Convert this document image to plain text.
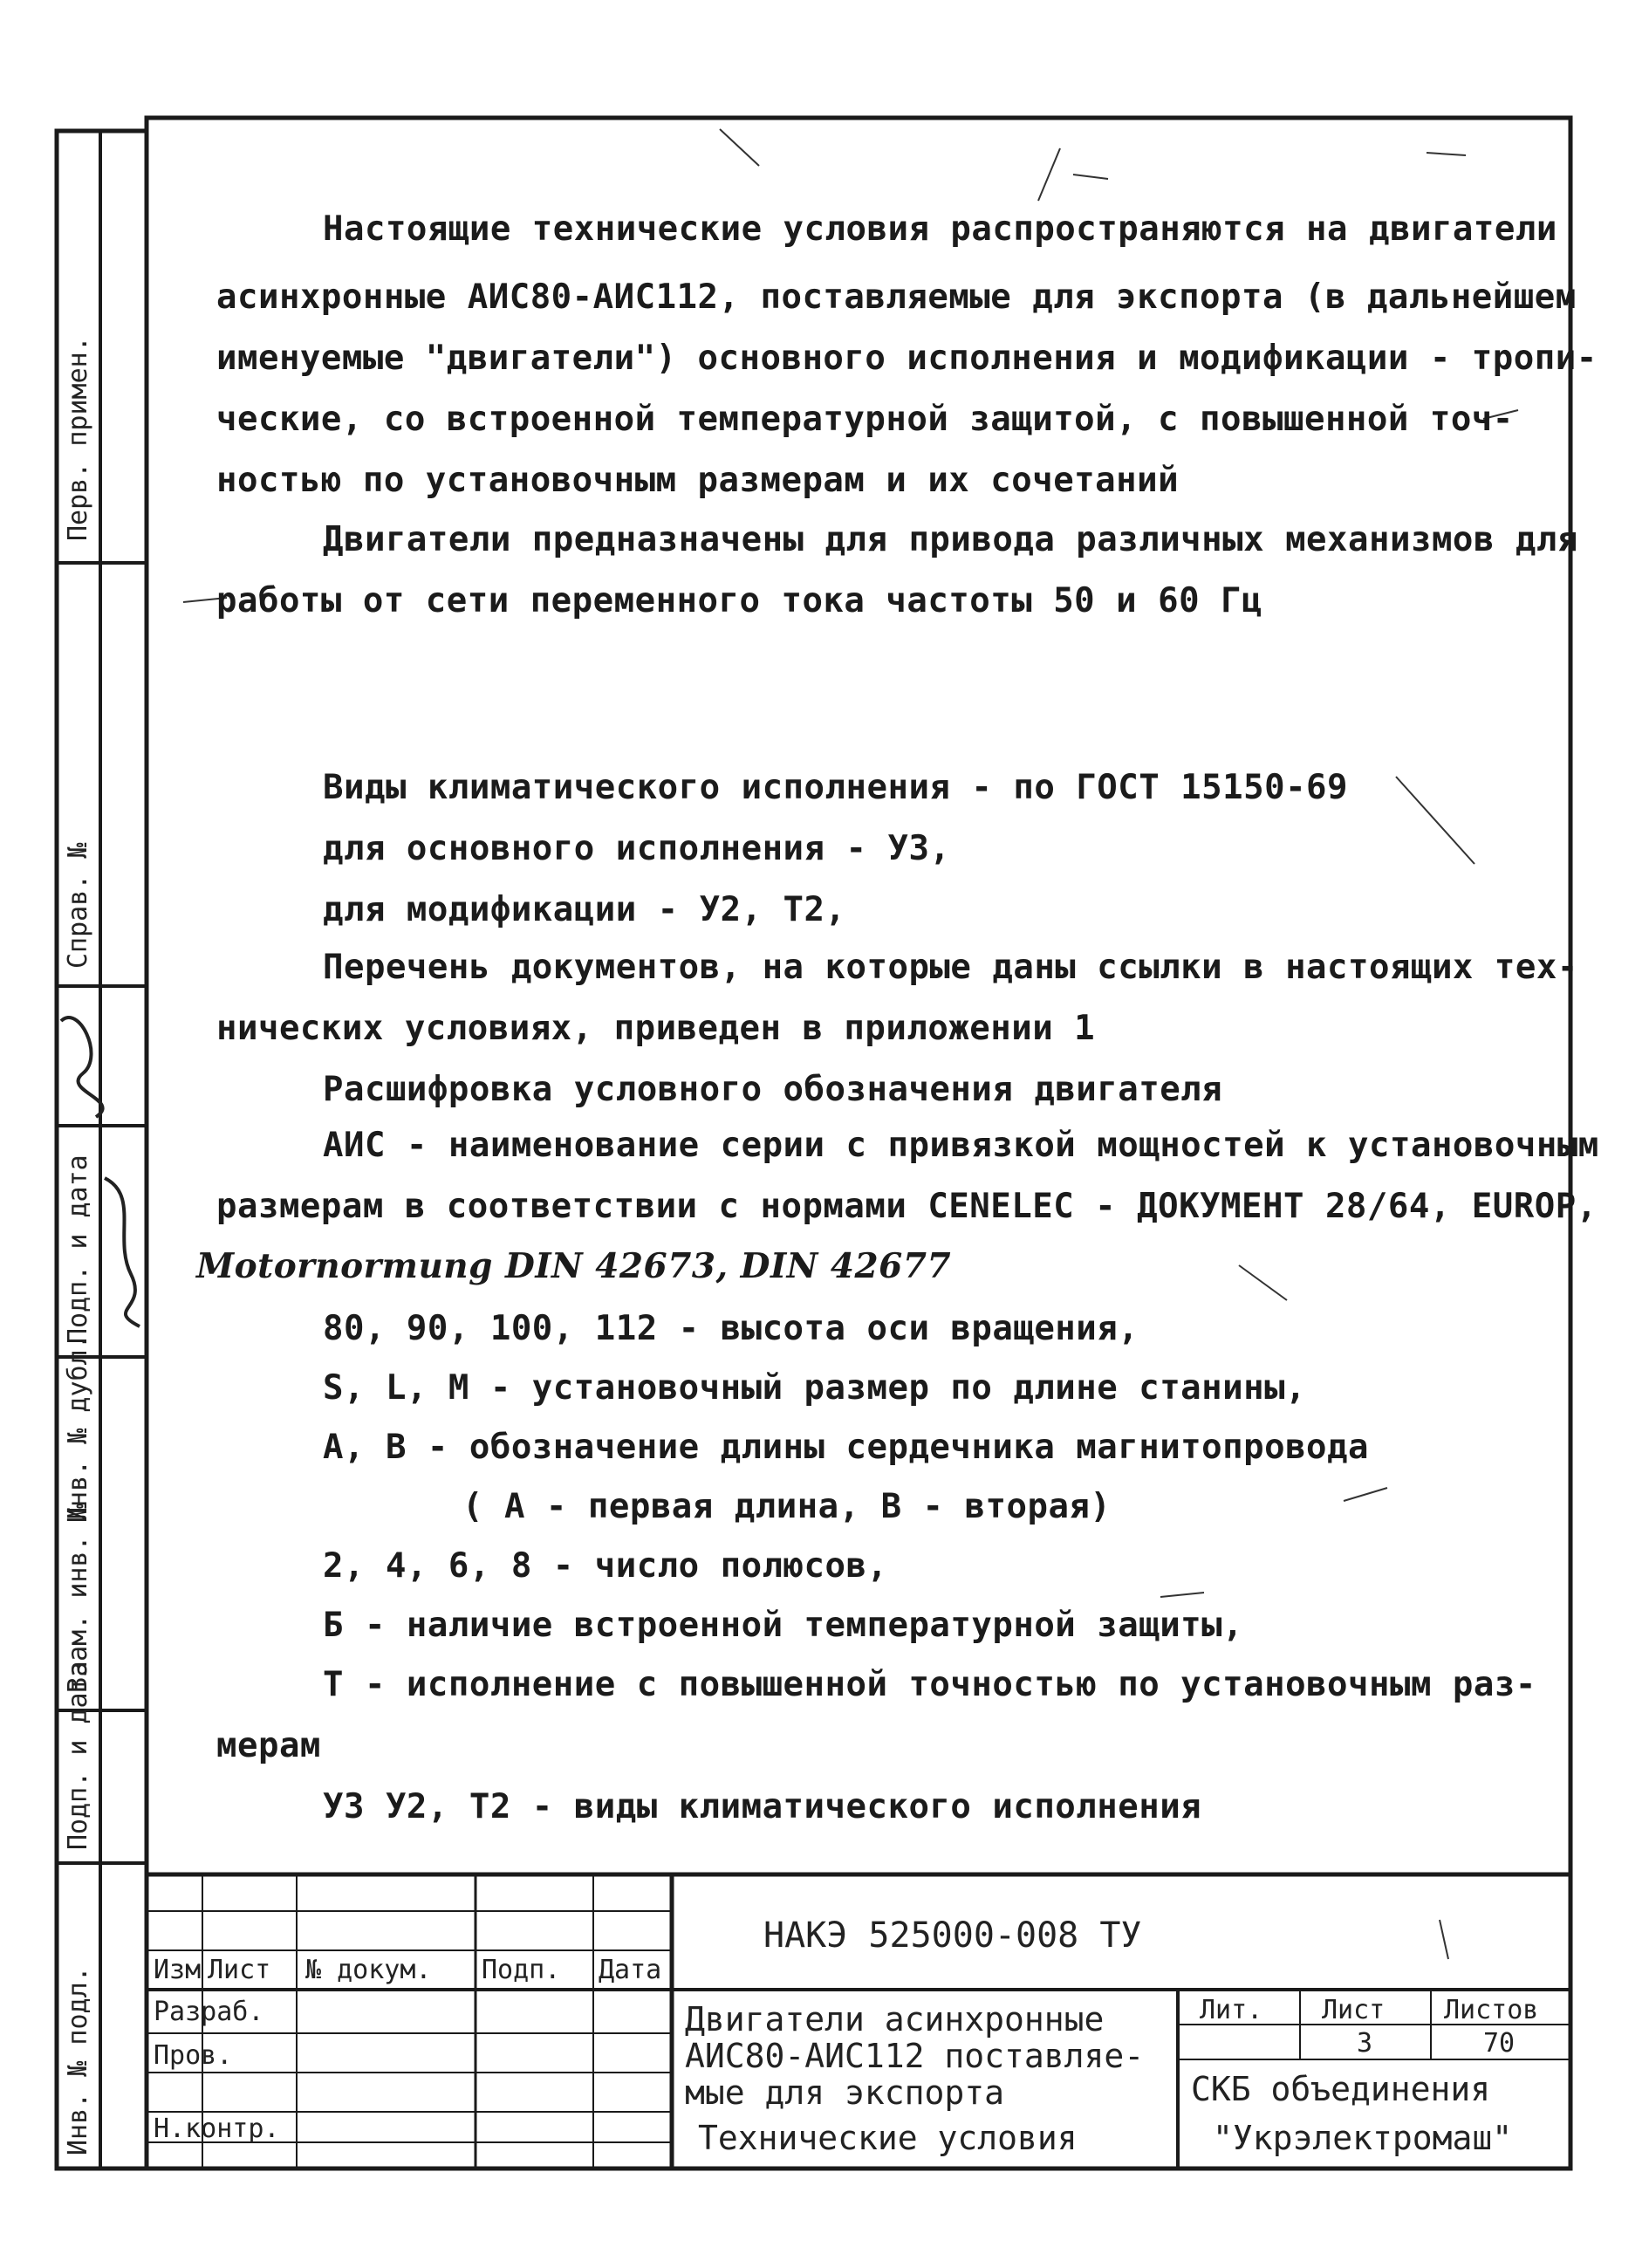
Инв. № подл.
Подп. и дата
Взам. инв. №
Инв. № дубл.
Подп. и дата
Справ. №
Перв. примен.
Настоящие технические условия распространяются на двигатели
асинхронные АИС80-АИС112, поставляемые для экспорта (в дальнейшем
именуемые "двигатели") основного исполнения и модификации - тропи-
ческие, со встроенной температурной защитой, с повышенной точ-
ностью по установочным размерам и их сочетаний
Двигатели предназначены для привода различных механизмов для
работы от сети переменного тока частоты 50 и 60 Гц
Виды климатического исполнения - по ГОСТ 15150-69
для основного исполнения - У3,
для модификации - У2, Т2,
Перечень документов, на которые даны ссылки в настоящих тех-
нических условиях, приведен в приложении 1
Расшифровка условного обозначения двигателя
АИС - наименование серии с привязкой мощностей к установочным
размерам в соответствии с нормами CENELEC - ДОКУМЕНТ 28/64, EUROP,
Motornormung DIN 42673, DIN 42677
80, 90, 100, 112 - высота оси вращения,
S, L, M - установочный размер по длине станины,
А, В - обозначение длины сердечника магнитопровода
( А - первая длина, В - вторая)
2, 4, 6, 8 - число полюсов,
Б - наличие встроенной температурной защиты,
Т - исполнение с повышенной точностью по установочным раз-
мерам
У3 У2, Т2 - виды климатического исполнения
НАКЭ 525000-008 ТУ
Изм Лист № докум. Подп. Дата
Разраб.
Пров.
Н.контр.
Двигатели асинхронные
АИС80-АИС112 поставляе-
мые для экспорта
Технические условия
Лит. Лист Листов
3	70
СКБ объединения
"Укрэлектромаш"
